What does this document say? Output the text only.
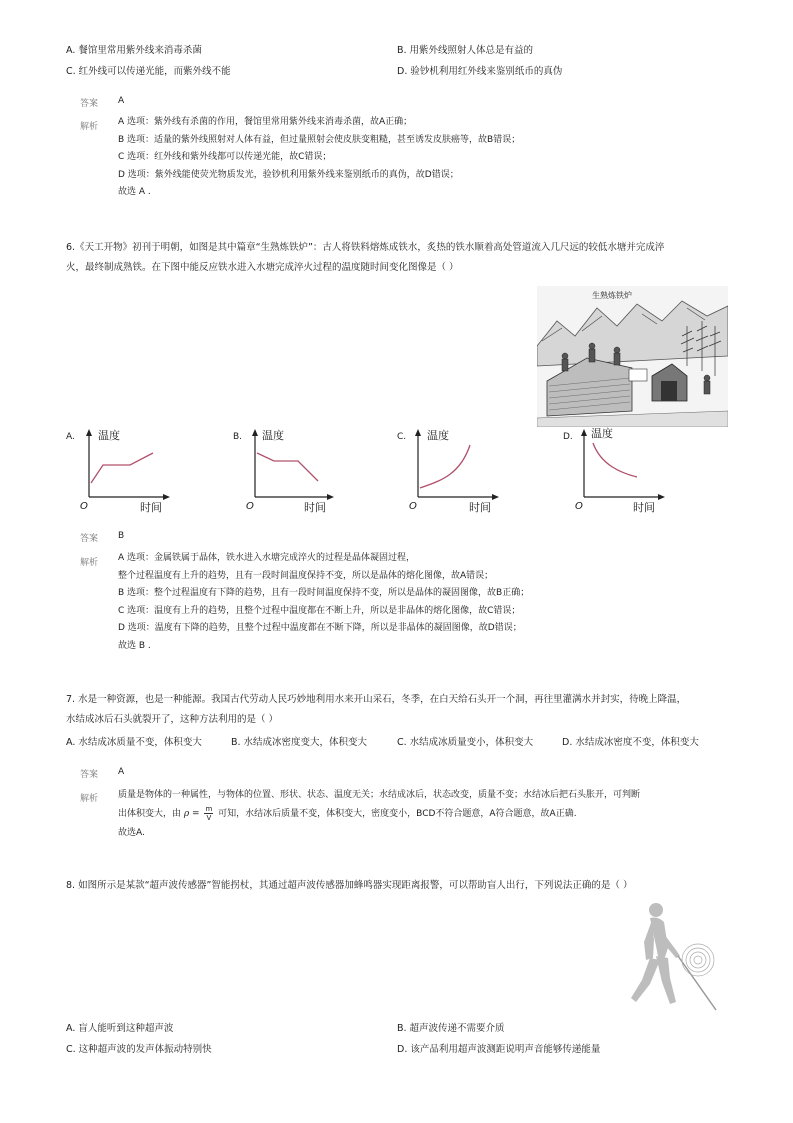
A. 餐馆里常用紫外线来消毒杀菌	B. 用紫外线照射人体总是有益的
C. 红外线可以传递光能，而紫外线不能	D. 验钞机利用红外线来鉴别纸币的真伪
答案 A
解析 A 选项：紫外线有杀菌的作用，餐馆里常用紫外线来消毒杀菌，故A正确；
B 选项：适量的紫外线照射对人体有益，但过量照射会使皮肤变粗糙，甚至诱发皮肤癌等，故B错误；
C 选项：红外线和紫外线都可以传递光能，故C错误；
D 选项：紫外线能使荧光物质发光，验钞机利用紫外线来鉴别纸币的真伪，故D错误；
故选 A .
6.《天工开物》初刊于明朝，如图是其中篇章“生熟炼铁炉”：古人将铁料熔炼成铁水，炙热的铁水顺着高处管道流入几尺远的较低水塘并完成淬
火，最终制成熟铁。在下图中能反应铁水进入水塘完成淬火过程的温度随时间变化图像是（ ）
生熟炼铁炉
A. 温度
时间
O
B. 温度
时间
O
C. 温度
时间
O
D. 温度
时间
O
答案 B
解析 A 选项：金属铁属于晶体，铁水进入水塘完成淬火的过程是晶体凝固过程，
整个过程温度有上升的趋势，且有一段时间温度保持不变，所以是晶体的熔化图像，故A错误；
B 选项：整个过程温度有下降的趋势，且有一段时间温度保持不变，所以是晶体的凝固图像，故B正确；
C 选项：温度有上升的趋势，且整个过程中温度都在不断上升，所以是非晶体的熔化图像，故C错误；
D 选项：温度有下降的趋势，且整个过程中温度都在不断下降，所以是非晶体的凝固图像，故D错误；
故选 B .
7. 水是一种资源，也是一种能源。我国古代劳动人民巧妙地利用水来开山采石，冬季，在白天给石头开一个洞，再往里灌满水并封实，待晚上降温，
水结成冰后石头就裂开了，这种方法利用的是（ ）
A. 水结成冰质量不变，体积变大	B. 水结成冰密度变大，体积变大	C. 水结成冰质量变小，体积变大	D. 水结成冰密度不变，体积变大
答案 A
解析 质量是物体的一种属性，与物体的位置、形状、状态、温度无关；水结成冰后，状态改变，质量不变；水结冰后把石头胀开，可判断
出体积变大，由 $\rho = \frac{m}{V}$ 可知，水结冰后质量不变，体积变大，密度变小，BCD不符合题意，A符合题意，故A正确.
故选A.
8. 如图所示是某款“超声波传感器”智能拐杖，其通过超声波传感器加蜂鸣器实现距离报警，可以帮助盲人出行，下列说法正确的是（ ）
A. 盲人能听到这种超声波	B. 超声波传递不需要介质
C. 这种超声波的发声体振动特别快	D. 该产品利用超声波测距说明声音能够传递能量
